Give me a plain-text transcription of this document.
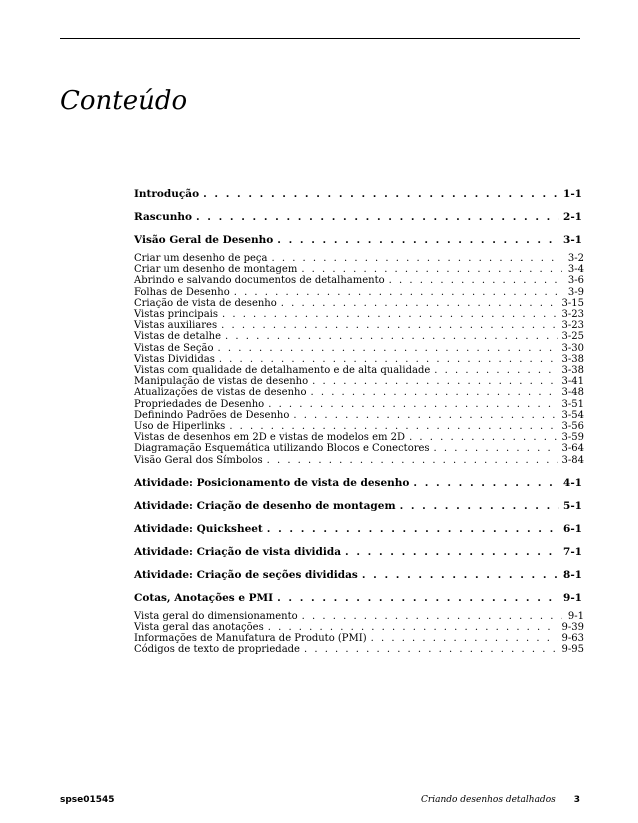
Conteúdo
Introdução . . .	1-1
Rascunho . . .	2-1
Visão Geral de Desenho . . .	3-1
Criar um desenho de peça . . .	3-2
Criar um desenho de montagem . . .	3-4
Abrindo e salvando documentos de detalhamento . . .	3-6
Folhas de Desenho . . .	3-9
Criação de vista de desenho . . .	3-15
Vistas principais . . .	3-23
Vistas auxiliares . . .	3-23
Vistas de detalhe . . .	3-25
Vistas de Seção . . .	3-30
Vistas Divididas . . .	3-38
Vistas com qualidade de detalhamento e de alta qualidade . . .	3-38
Manipulação de vistas de desenho . . .	3-41
Atualizações de vistas de desenho . . .	3-48
Propriedades de Desenho . . .	3-51
Definindo Padrões de Desenho . . .	3-54
Uso de Hiperlinks . . .	3-56
Vistas de desenhos em 2D e vistas de modelos em 2D . . .	3-59
Diagramação Esquemática utilizando Blocos e Conectores . . .	3-64
Visão Geral dos Símbolos . . .	3-84
Atividade: Posicionamento de vista de desenho . . .	4-1
Atividade: Criação de desenho de montagem . . .	5-1
Atividade: Quicksheet . . .	6-1
Atividade: Criação de vista dividida . . .	7-1
Atividade: Criação de seções divididas . . .	8-1
Cotas, Anotações e PMI . . .	9-1
Vista geral do dimensionamento . . .	9-1
Vista geral das anotações . . .	9-39
Informações de Manufatura de Produto (PMI) . . .	9-63
Códigos de texto de propriedade . . .	9-95
spse01545	Criando desenhos detalhados 3
